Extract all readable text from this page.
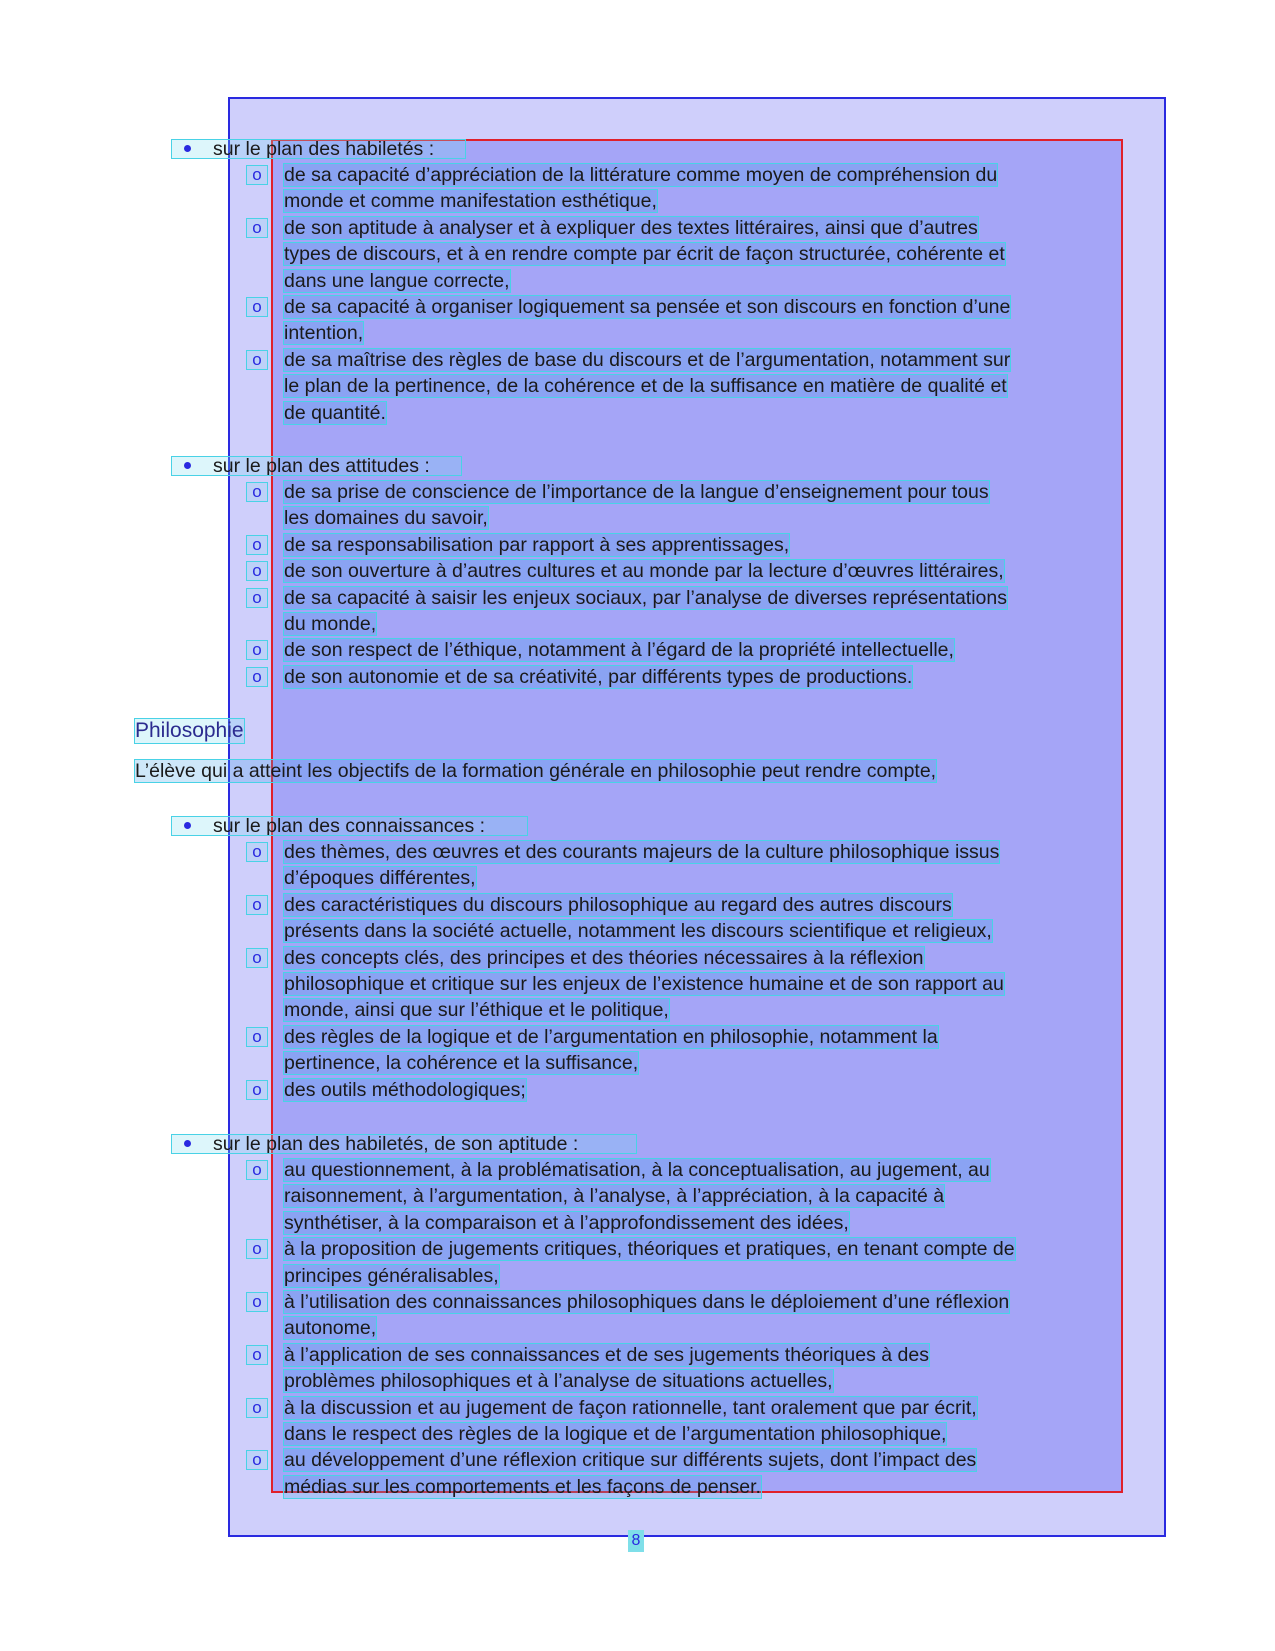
sur le plan des habiletés :
o de sa capacité d’appréciation de la littérature comme moyen de compréhension du
monde et comme manifestation esthétique,
o de son aptitude à analyser et à expliquer des textes littéraires, ainsi que d’autres
types de discours, et à en rendre compte par écrit de façon structurée, cohérente et
dans une langue correcte,
o de sa capacité à organiser logiquement sa pensée et son discours en fonction d’une
intention,
o de sa maîtrise des règles de base du discours et de l’argumentation, notamment sur
le plan de la pertinence, de la cohérence et de la suffisance en matière de qualité et
de quantité.
sur le plan des attitudes :
o de sa prise de conscience de l’importance de la langue d’enseignement pour tous
les domaines du savoir,
o de sa responsabilisation par rapport à ses apprentissages,
o de son ouverture à d’autres cultures et au monde par la lecture d’œuvres littéraires,
o de sa capacité à saisir les enjeux sociaux, par l’analyse de diverses représentations
du monde,
o de son respect de l’éthique, notamment à l’égard de la propriété intellectuelle,
o de son autonomie et de sa créativité, par différents types de productions.
Philosophie
L’élève qui a atteint les objectifs de la formation générale en philosophie peut rendre compte,
sur le plan des connaissances :
o des thèmes, des œuvres et des courants majeurs de la culture philosophique issus
d’époques différentes,
o des caractéristiques du discours philosophique au regard des autres discours
présents dans la société actuelle, notamment les discours scientifique et religieux,
o des concepts clés, des principes et des théories nécessaires à la réflexion
philosophique et critique sur les enjeux de l’existence humaine et de son rapport au
monde, ainsi que sur l’éthique et le politique,
o des règles de la logique et de l’argumentation en philosophie, notamment la
pertinence, la cohérence et la suffisance,
o des outils méthodologiques;
sur le plan des habiletés, de son aptitude :
o au questionnement, à la problématisation, à la conceptualisation, au jugement, au
raisonnement, à l’argumentation, à l’analyse, à l’appréciation, à la capacité à
synthétiser, à la comparaison et à l’approfondissement des idées,
o à la proposition de jugements critiques, théoriques et pratiques, en tenant compte de
principes généralisables,
o à l’utilisation des connaissances philosophiques dans le déploiement d’une réflexion
autonome,
o à l’application de ses connaissances et de ses jugements théoriques à des
problèmes philosophiques et à l’analyse de situations actuelles,
o à la discussion et au jugement de façon rationnelle, tant oralement que par écrit,
dans le respect des règles de la logique et de l’argumentation philosophique,
o au développement d’une réflexion critique sur différents sujets, dont l’impact des
médias sur les comportements et les façons de penser.
8
